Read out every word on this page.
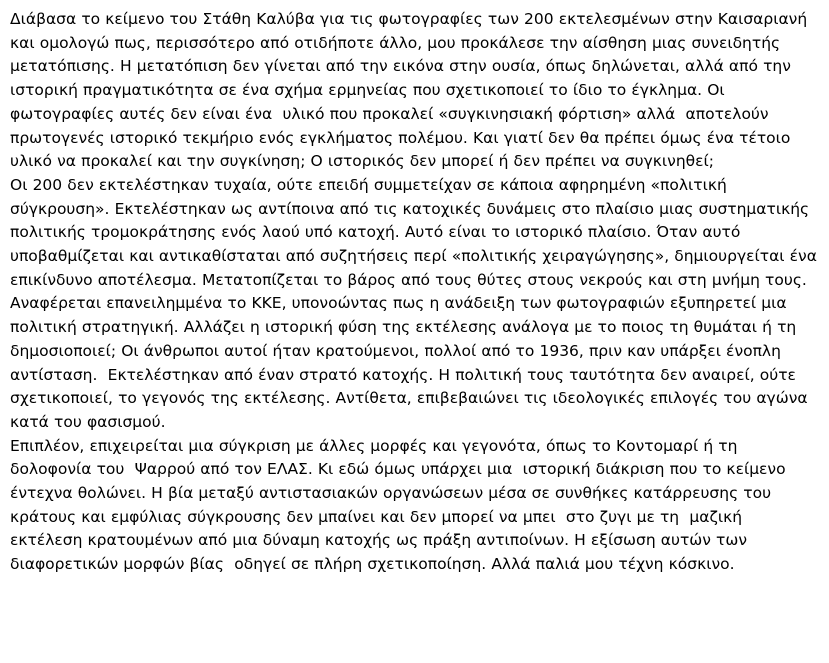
Διάβασα το κείμενο του Στάθη Καλύβα για τις φωτογραφίες των 200 εκτελεσμένων στην Καισαριανή και ομολογώ πως, περισσότερο από οτιδήποτε άλλο, μου προκάλεσε την αίσθηση μιας συνειδητής μετατόπισης. Η μετατόπιση δεν γίνεται από την εικόνα στην ουσία, όπως δηλώνεται, αλλά από την ιστορική πραγματικότητα σε ένα σχήμα ερμηνείας που σχετικοποιεί το ίδιο το έγκλημα. Οι φωτογραφίες αυτές δεν είναι ένα  υλικό που προκαλεί «συγκινησιακή φόρτιση» αλλά  αποτελούν πρωτογενές ιστορικό τεκμήριο ενός εγκλήματος πολέμου. Και γιατί δεν θα πρέπει όμως ένα τέτοιο υλικό να προκαλεί και την συγκίνηση; Ο ιστορικός δεν μπορεί ή δεν πρέπει να συγκινηθεί;

Οι 200 δεν εκτελέστηκαν τυχαία, ούτε επειδή συμμετείχαν σε κάποια αφηρημένη «πολιτική σύγκρουση». Εκτελέστηκαν ως αντίποινα από τις κατοχικές δυνάμεις στο πλαίσιο μιας συστηματικής πολιτικής τρομοκράτησης ενός λαού υπό κατοχή. Αυτό είναι το ιστορικό πλαίσιο. Όταν αυτό υποβαθμίζεται και αντικαθίσταται από συζητήσεις περί «πολιτικής χειραγώγησης», δημιουργείται ένα επικίνδυνο αποτέλεσμα. Μετατοπίζεται το βάρος από τους θύτες στους νεκρούς και στη μνήμη τους.

Αναφέρεται επανειλημμένα το ΚΚΕ, υπονοώντας πως η ανάδειξη των φωτογραφιών εξυπηρετεί μια πολιτική στρατηγική. Αλλάζει η ιστορική φύση της εκτέλεσης ανάλογα με το ποιος τη θυμάται ή τη δημοσιοποιεί; Οι άνθρωποι αυτοί ήταν κρατούμενοι, πολλοί από το 1936, πριν καν υπάρξει ένοπλη αντίσταση.  Εκτελέστηκαν από έναν στρατό κατοχής. Η πολιτική τους ταυτότητα δεν αναιρεί, ούτε σχετικοποιεί, το γεγονός της εκτέλεσης. Αντίθετα, επιβεβαιώνει τις ιδεολογικές επιλογές του αγώνα κατά του φασισμού.

Επιπλέον, επιχειρείται μια σύγκριση με άλλες μορφές και γεγονότα, όπως το Κοντομαρί ή τη δολοφονία του  Ψαρρού από τον ΕΛΑΣ. Κι εδώ όμως υπάρχει μια  ιστορική διάκριση που το κείμενο έντεχνα θολώνει. Η βία μεταξύ αντιστασιακών οργανώσεων μέσα σε συνθήκες κατάρρευσης του κράτους και εμφύλιας σύγκρουσης δεν μπαίνει και δεν μπορεί να μπει  στο ζυγι με τη  μαζική εκτέλεση κρατουμένων από μια δύναμη κατοχής ως πράξη αντιποίνων. Η εξίσωση αυτών των διαφορετικών μορφών βίας  οδηγεί σε πλήρη σχετικοποίηση. Αλλά παλιά μου τέχνη κόσκινο.
